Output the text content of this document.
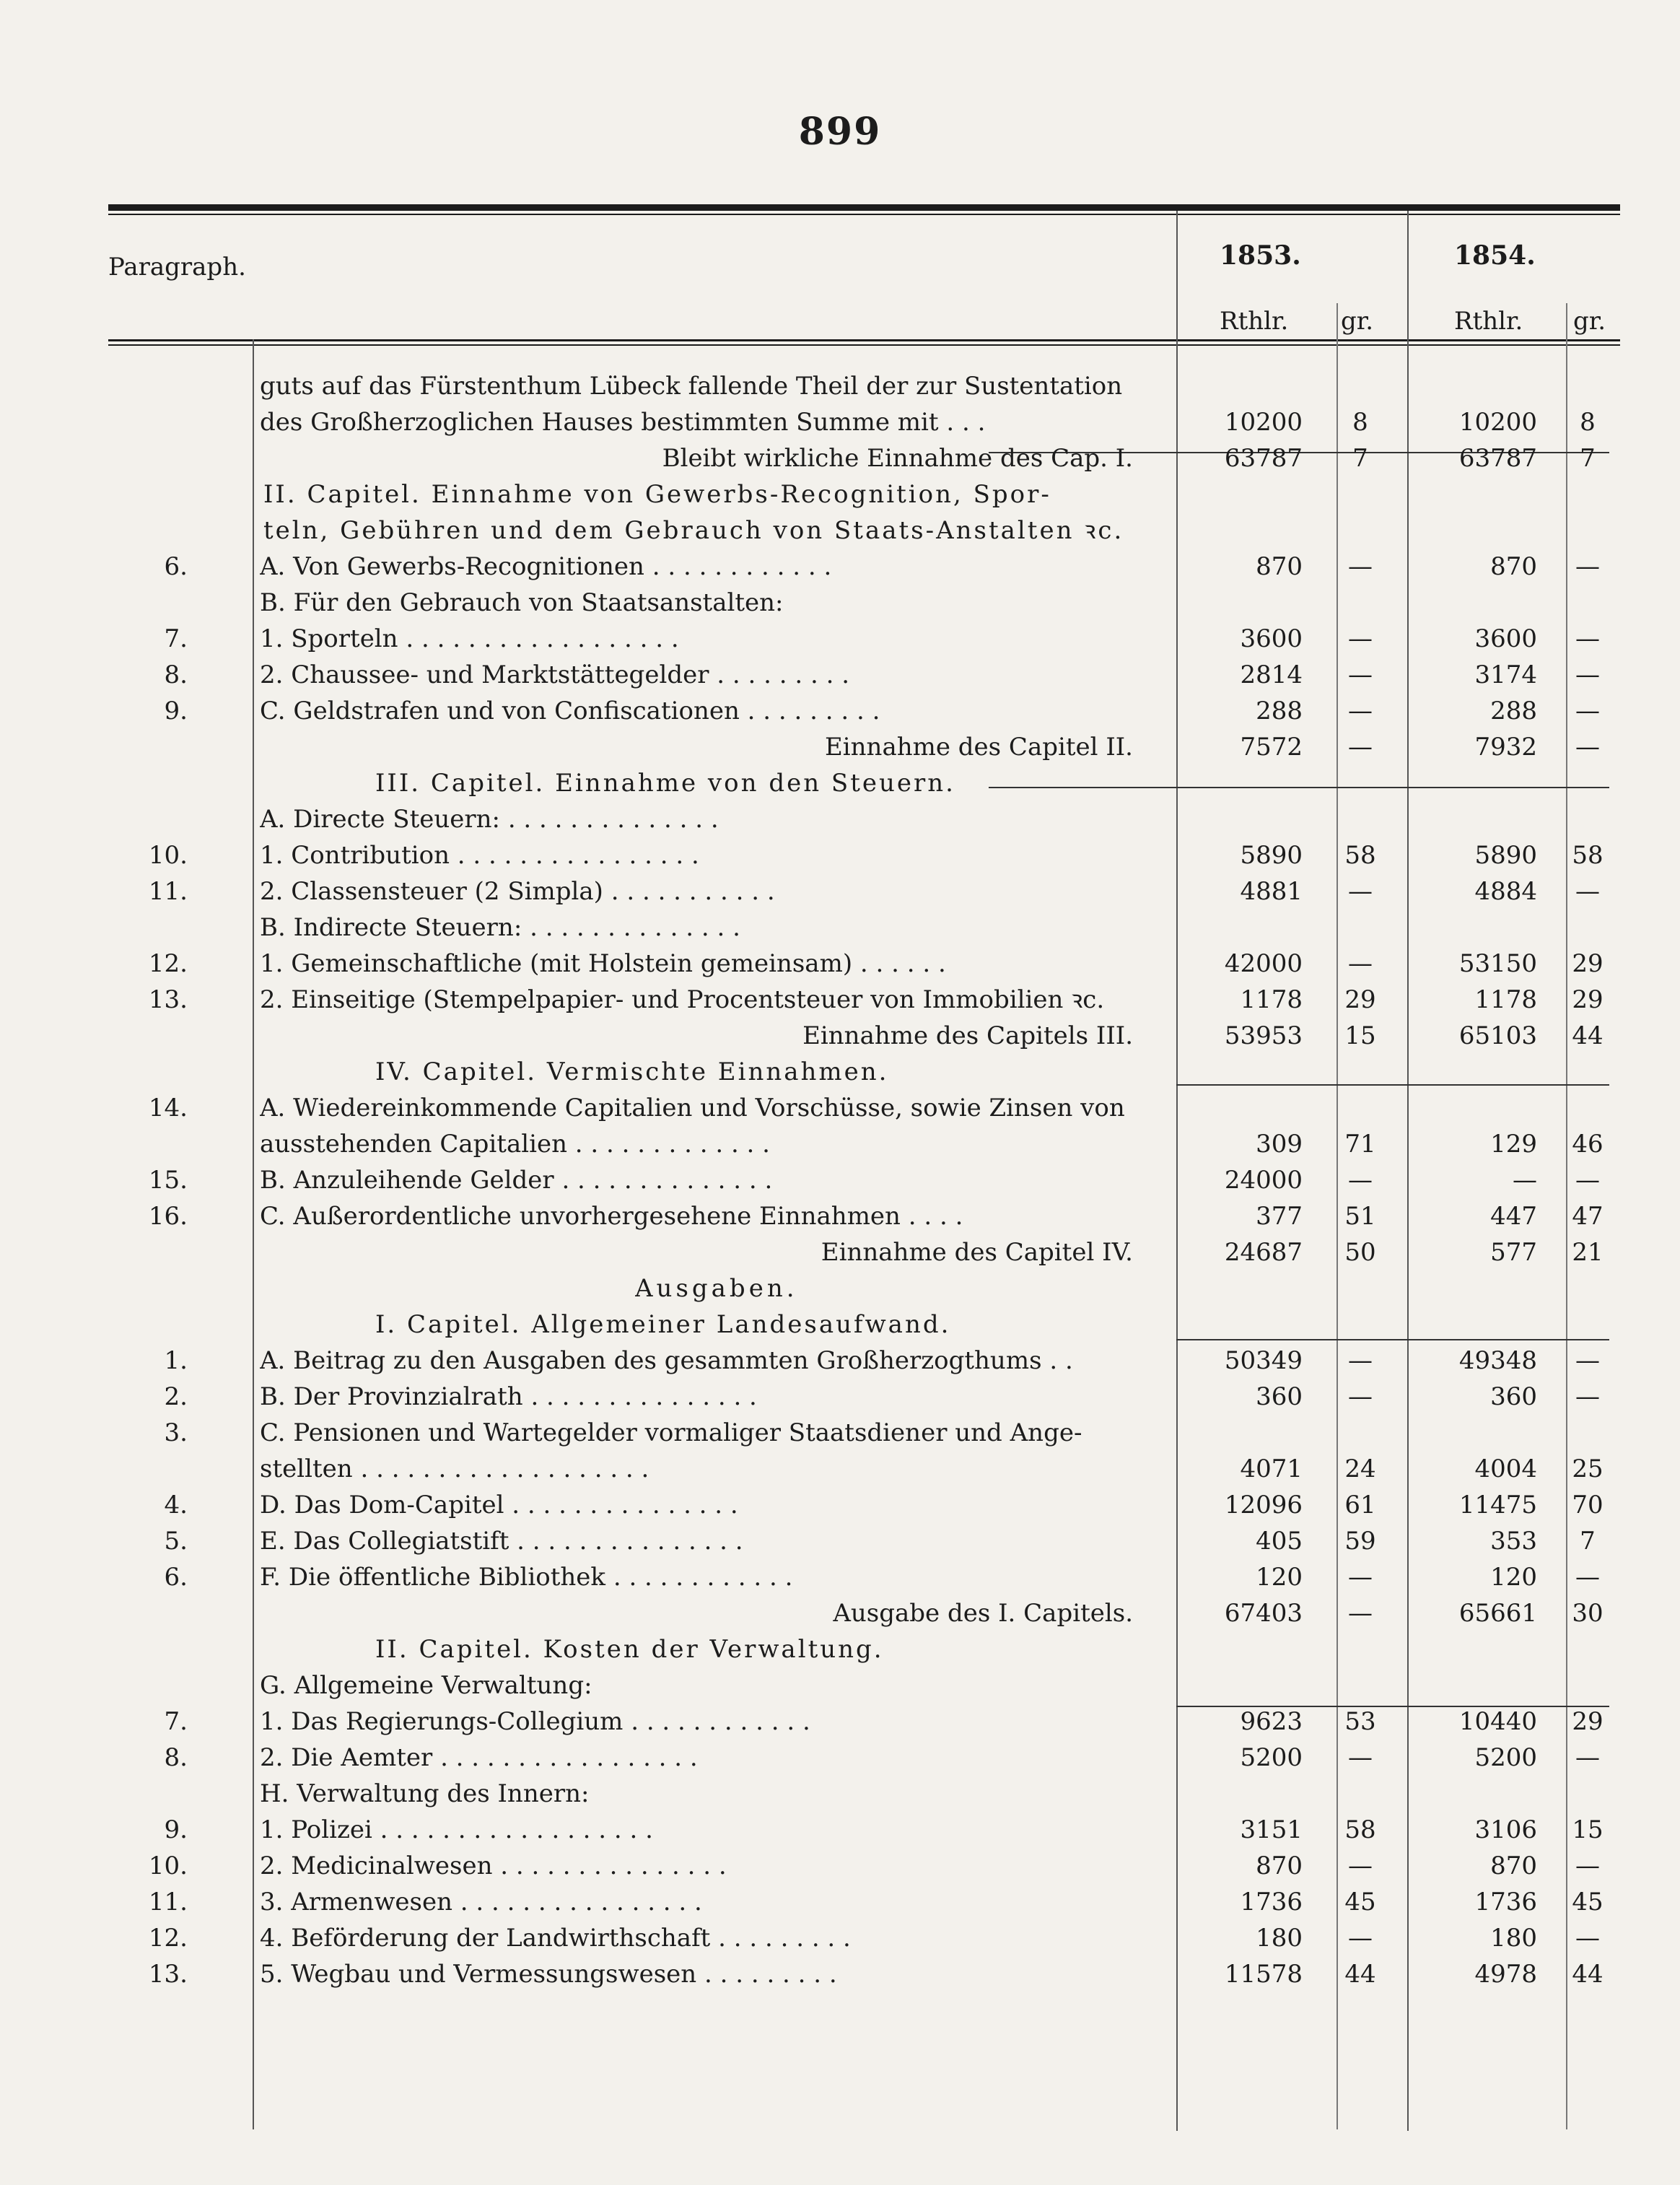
899
Paragraph.	1853.	1854.
Rthlr. gr.	Rthlr. gr.
guts auf das Fürstenthum Lübeck fallende Theil der zur Sustentation
des Großherzoglichen Hauses bestimmten Summe mit . . .	10200	8	10200	8
Bleibt wirkliche Einnahme des Cap. I.	63787	7	63787	7
II. Capitel. Einnahme von Gewerbs-Recognition, Spor-
teln, Gebühren und dem Gebrauch von Staats-Anstalten ꝛc.
6.	A. Von Gewerbs-Recognitionen . . . . . . . . . . . .	870	—	870	—
B. Für den Gebrauch von Staatsanstalten:
7.	1. Sporteln . . . . . . . . . . . . . . . . . .	3600	—	3600	—
8.	2. Chaussee- und Marktstättegelder . . . . . . . . .	2814	—	3174	—
9.	C. Geldstrafen und von Confiscationen . . . . . . . . .	288	—	288	—
Einnahme des Capitel II.	7572	—	7932	—
III. Capitel. Einnahme von den Steuern.
A. Directe Steuern: . . . . . . . . . . . . . .
10.	1. Contribution . . . . . . . . . . . . . . . .	5890	58	5890 58
11.	2. Classensteuer (2 Simpla) . . . . . . . . . . .	4881	—	4884	—
B. Indirecte Steuern: . . . . . . . . . . . . . .
12.	1. Gemeinschaftliche (mit Holstein gemeinsam) . . . . . .	42000	—	53150 29
13.	2. Einseitige (Stempelpapier- und Procentsteuer von Immobilien ꝛc.	1178	29	1178 29
Einnahme des Capitels III.	53953	15	65103 44
IV. Capitel. Vermischte Einnahmen.
14.	A. Wiedereinkommende Capitalien und Vorschüsse, sowie Zinsen von
ausstehenden Capitalien . . . . . . . . . . . . .	309	71	129 46
15.	B. Anzuleihende Gelder . . . . . . . . . . . . . .	24000	—	—	—
16.	C. Außerordentliche unvorhergesehene Einnahmen . . . .	377	51	447 47
Einnahme des Capitel IV.	24687	50	577 21
Ausgaben.
I. Capitel. Allgemeiner Landesaufwand.
1.	A. Beitrag zu den Ausgaben des gesammten Großherzogthums . .	50349	—	49348	—
2.	B. Der Provinzialrath . . . . . . . . . . . . . . .	360	—	360	—
3.	C. Pensionen und Wartegelder vormaliger Staatsdiener und Ange-
stellten . . . . . . . . . . . . . . . . . . .	4071	24	4004 25
4.	D. Das Dom-Capitel . . . . . . . . . . . . . . .	12096	61	11475 70
5.	E. Das Collegiatstift . . . . . . . . . . . . . . .	405	59	353	7
6.	F. Die öffentliche Bibliothek . . . . . . . . . . . .	120	—	120	—
Ausgabe des I. Capitels.	67403	—	65661 30
II. Capitel. Kosten der Verwaltung.
G. Allgemeine Verwaltung:
7.	1. Das Regierungs-Collegium . . . . . . . . . . . .	9623	53	10440 29
8.	2. Die Aemter . . . . . . . . . . . . . . . . .	5200	—	5200	—
H. Verwaltung des Innern:
9.	1. Polizei . . . . . . . . . . . . . . . . . .	3151	58	3106 15
10.	2. Medicinalwesen . . . . . . . . . . . . . . .	870	—	870	—
11.	3. Armenwesen . . . . . . . . . . . . . . . .	1736	45	1736 45
12.	4. Beförderung der Landwirthschaft . . . . . . . . .	180	—	180	—
13.	5. Wegbau und Vermessungswesen . . . . . . . . .	11578	44	4978 44
